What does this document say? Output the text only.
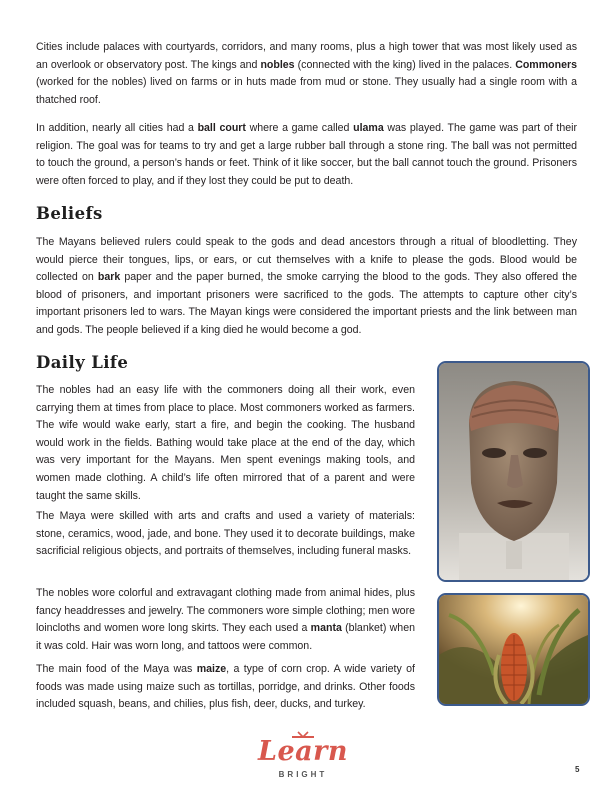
Cities include palaces with courtyards, corridors, and many rooms, plus a high tower that was most likely used as an overlook or observatory post. The kings and nobles (connected with the king) lived in the palaces. Commoners (worked for the nobles) lived on farms or in huts made from mud or stone. They usually had a single room with a thatched roof.

In addition, nearly all cities had a ball court where a game called ulama was played. The game was part of their religion. The goal was for teams to try and get a large rubber ball through a stone ring. The ball was not permitted to touch the ground, a person’s hands or feet. Think of it like soccer, but the ball cannot touch the ground. Prisoners were often forced to play, and if they lost they could be put to death.

Beliefs

The Mayans believed rulers could speak to the gods and dead ancestors through a ritual of bloodletting. They would pierce their tongues, lips, or ears, or cut themselves with a knife to please the gods. Blood would be collected on bark paper and the paper burned, the smoke carrying the blood to the gods. They also offered the blood of prisoners, and important prisoners were sacrificed to the gods. The attempts to capture other city’s important prisoners led to wars. The Mayan kings were considered the important priests and the link between man and gods. The people believed if a king died he would become a god.

Daily Life

The nobles had an easy life with the commoners doing all their work, even carrying them at times from place to place. Most commoners worked as farmers. The wife would wake early, start a fire, and begin the cooking. The husband would work in the fields. Bathing would take place at the end of the day, which was very important for the Mayans. Men spent evenings making tools, and women made clothing. A child’s life often mirrored that of a parent and were taught the same skills.

The Maya were skilled with arts and crafts and used a variety of materials: stone, ceramics, wood, jade, and bone. They used it to decorate buildings, make sacrificial religious objects, and portraits of themselves, including funeral masks.

The nobles wore colorful and extravagant clothing made from animal hides, plus fancy headdresses and jewelry. The commoners wore simple clothing; men wore loincloths and women wore long skirts. They each used a manta (blanket) when it was cold. Hair was worn long, and tattoos were common.

The main food of the Maya was maize, a type of corn crop. A wide variety of foods was made using maize such as tortillas, porridge, and drinks. Other foods included squash, beans, and chilies, plus fish, deer, ducks, and turkey.

Learn
BRIGHT
5
